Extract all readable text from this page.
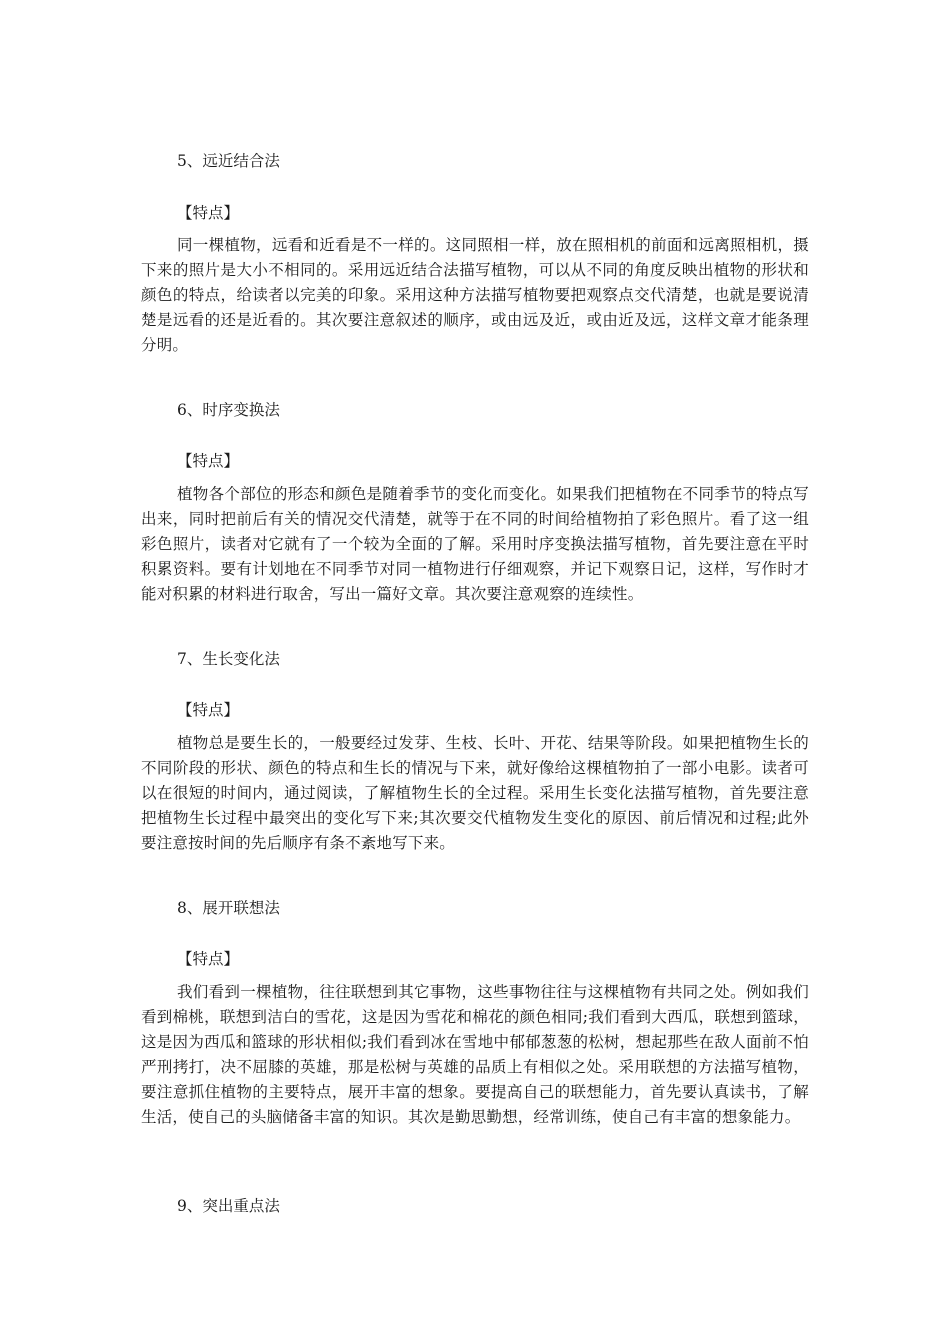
5、远近结合法
【特点】

同一棵植物，远看和近看是不一样的。这同照相一样，放在照相机的前面和远离照相机，摄下来的照片是大小不相同的。采用远近结合法描写植物，可以从不同的角度反映出植物的形状和颜色的特点，给读者以完美的印象。采用这种方法描写植物要把观察点交代清楚，也就是要说清楚是远看的还是近看的。其次要注意叙述的顺序，或由远及近，或由近及远，这样文章才能条理分明。

6、时序变换法
【特点】

植物各个部位的形态和颜色是随着季节的变化而变化。如果我们把植物在不同季节的特点写出来，同时把前后有关的情况交代清楚，就等于在不同的时间给植物拍了彩色照片。看了这一组彩色照片，读者对它就有了一个较为全面的了解。采用时序变换法描写植物，首先要注意在平时积累资料。要有计划地在不同季节对同一植物进行仔细观察，并记下观察日记，这样，写作时才能对积累的材料进行取舍，写出一篇好文章。其次要注意观察的连续性。

7、生长变化法
【特点】

植物总是要生长的，一般要经过发芽、生枝、长叶、开花、结果等阶段。如果把植物生长的不同阶段的形状、颜色的特点和生长的情况与下来，就好像给这棵植物拍了一部小电影。读者可以在很短的时间内，通过阅读，了解植物生长的全过程。采用生长变化法描写植物，首先要注意把植物生长过程中最突出的变化写下来;其次要交代植物发生变化的原因、前后情况和过程;此外要注意按时间的先后顺序有条不紊地写下来。

8、展开联想法
【特点】

我们看到一棵植物，往往联想到其它事物，这些事物往往与这棵植物有共同之处。例如我们看到棉桃，联想到洁白的雪花，这是因为雪花和棉花的颜色相同;我们看到大西瓜，联想到篮球，这是因为西瓜和篮球的形状相似;我们看到冰在雪地中郁郁葱葱的松树，想起那些在敌人面前不怕严刑拷打，决不屈膝的英雄，那是松树与英雄的品质上有相似之处。采用联想的方法描写植物，要注意抓住植物的主要特点，展开丰富的想象。要提高自己的联想能力，首先要认真读书，了解生活，使自己的头脑储备丰富的知识。其次是勤思勤想，经常训练，使自己有丰富的想象能力。

9、突出重点法
